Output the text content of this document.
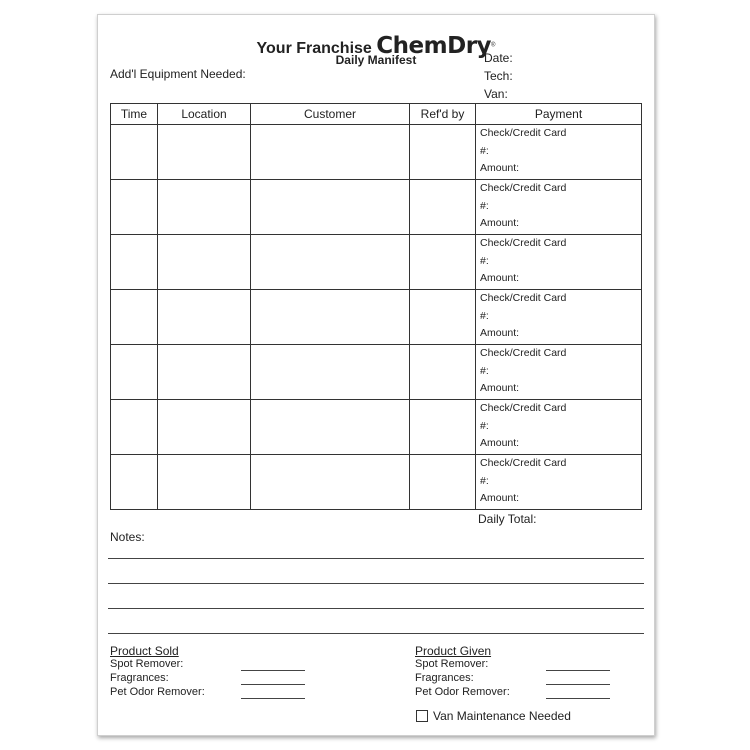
Your Franchise ChemDry®
Daily Manifest
Add'l Equipment Needed:
Date:
Tech:
Van:
Time	Location	Customer	Ref'd by	Payment

				Check/Credit Card
#:
Amount:

				Check/Credit Card
#:
Amount:

				Check/Credit Card
#:
Amount:

				Check/Credit Card
#:
Amount:

				Check/Credit Card
#:
Amount:

				Check/Credit Card
#:
Amount:

				Check/Credit Card
#:
Amount:
Daily Total:
Notes:
Product Sold
Spot Remover:
Fragrances:
Pet Odor Remover:
Product Given
Spot Remover:
Fragrances:
Pet Odor Remover:
Van Maintenance Needed
